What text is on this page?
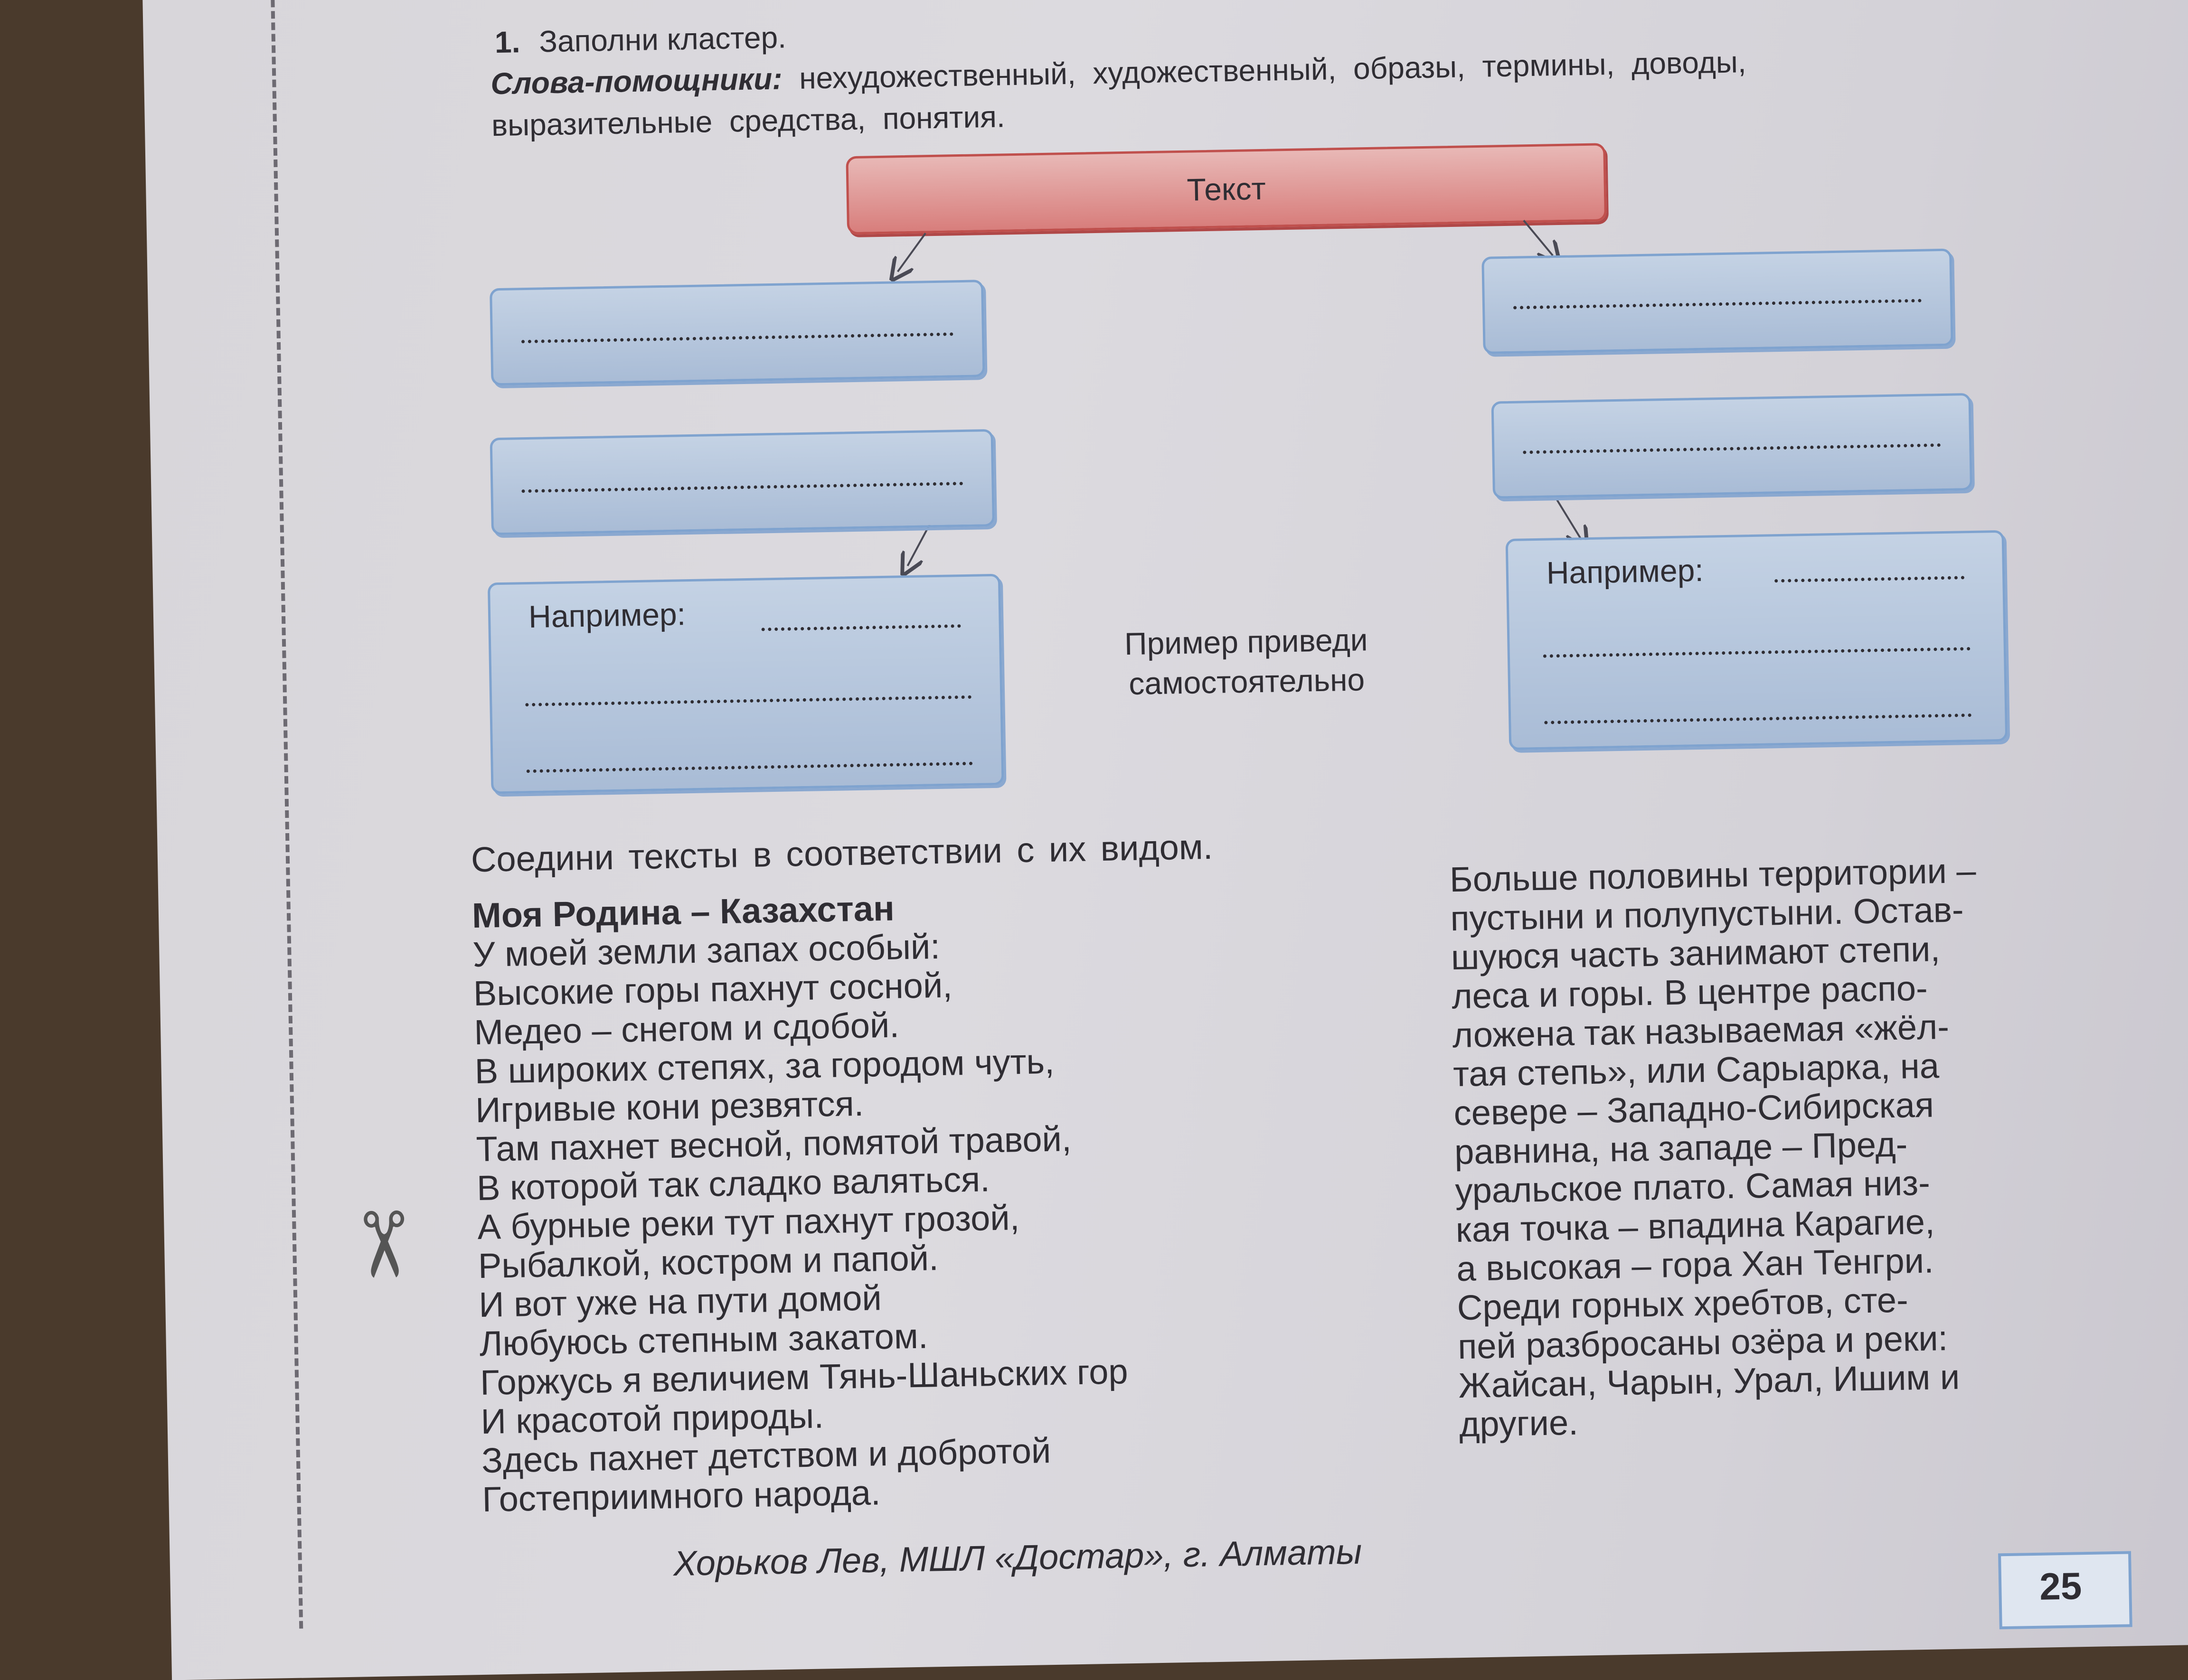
✂
1. Заполни кластер.
Слова-помощники: нехудожественный, художественный, образы, термины, доводы, выразительные средства, понятия.
Текст
Например:
Например:
Пример приведи самостоятельно
Соедини тексты в соответствии с их видом.
Моя Родина – Казахстан
У моей земли запах особый:
Высокие горы пахнут сосной,
Медео – снегом и сдобой.
В широких степях, за городом чуть,
Игривые кони резвятся.
Там пахнет весной, помятой травой,
В которой так сладко валяться.
А бурные реки тут пахнут грозой,
Рыбалкой, костром и папой.
И вот уже на пути домой
Любуюсь степным закатом.
Горжусь я величием Тянь-Шаньских гор
И красотой природы.
Здесь пахнет детством и добротой
Гостеприимного народа.
Хорьков Лев, МШЛ «Достар», г. Алматы
Больше половины территории –
пустыни и полупустыни. Остав-
шуюся часть занимают степи,
леса и горы. В центре распо-
ложена так называемая «жёл-
тая степь», или Сарыарка, на
севере – Западно-Сибирская
равнина, на западе – Пред-
уральское плато. Самая низ-
кая точка – впадина Карагие,
а высокая – гора Хан Тенгри.
Среди горных хребтов, сте-
пей разбросаны озёра и реки:
Жайсан, Чарын, Урал, Ишим и
другие.
25
